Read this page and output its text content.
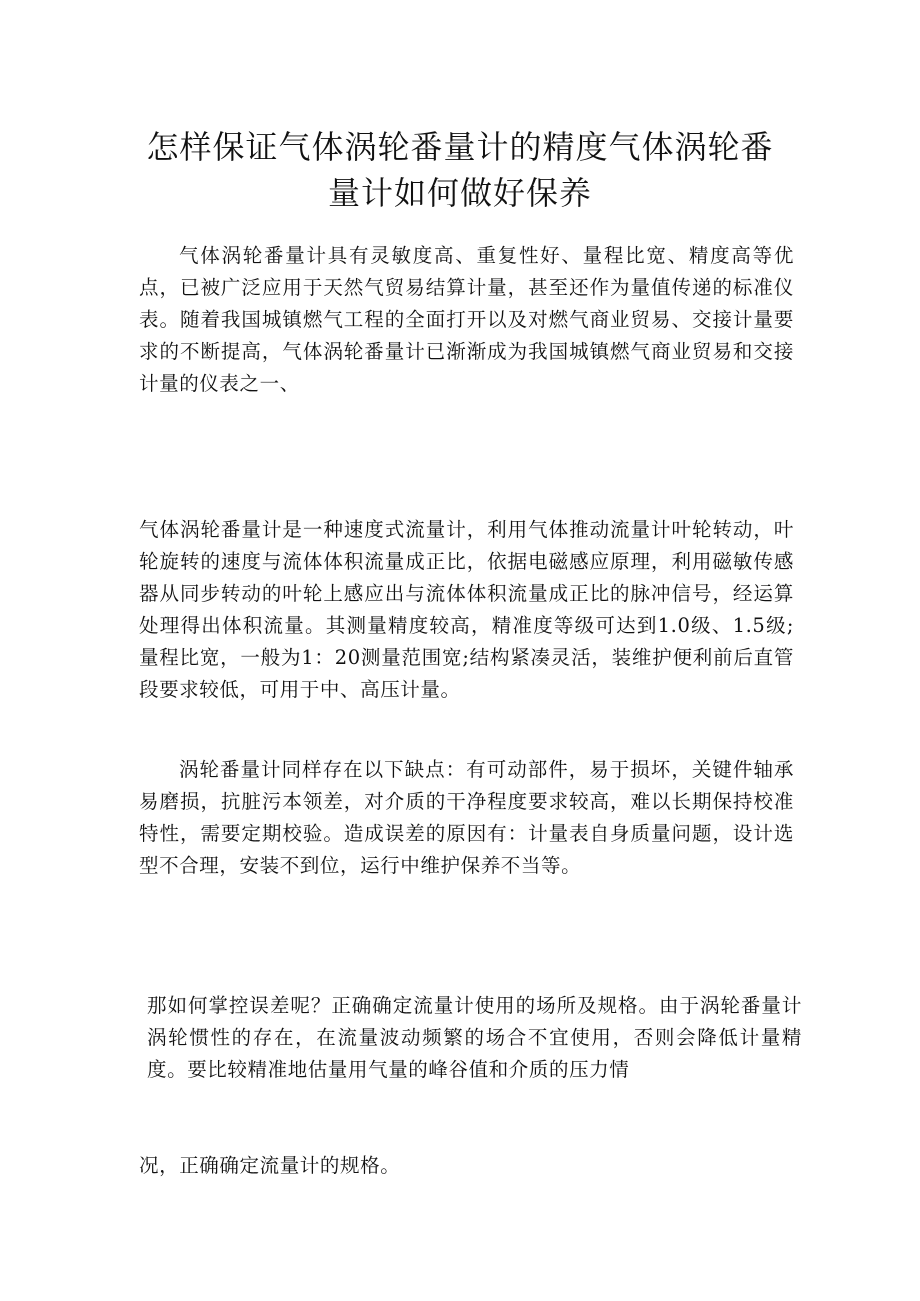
怎样保证气体涡轮番量计的精度气体涡轮番
量计如何做好保养

气体涡轮番量计具有灵敏度高、重复性好、量程比宽、精度高等优点，已被广泛应用于天然气贸易结算计量，甚至还作为量值传递的标准仪表。随着我国城镇燃气工程的全面打开以及对燃气商业贸易、交接计量要求的不断提高，气体涡轮番量计已渐渐成为我国城镇燃气商业贸易和交接计量的仪表之一、

气体涡轮番量计是一种速度式流量计，利用气体推动流量计叶轮转动，叶轮旋转的速度与流体体积流量成正比，依据电磁感应原理，利用磁敏传感器从同步转动的叶轮上感应出与流体体积流量成正比的脉冲信号，经运算处理得出体积流量。其测量精度较高，精准度等级可达到1.0级、1.5级;量程比宽，一般为1：20测量范围宽;结构紧凑灵活，装维护便利前后直管段要求较低，可用于中、高压计量。

涡轮番量计同样存在以下缺点：有可动部件，易于损坏，关键件轴承易磨损，抗脏污本领差，对介质的干净程度要求较高，难以长期保持校准特性，需要定期校验。造成误差的原因有：计量表自身质量问题，设计选型不合理，安装不到位，运行中维护保养不当等。

那如何掌控误差呢？正确确定流量计使用的场所及规格。由于涡轮番量计涡轮惯性的存在，在流量波动频繁的场合不宜使用，否则会降低计量精度。要比较精准地估量用气量的峰谷值和介质的压力情

况，正确确定流量计的规格。
